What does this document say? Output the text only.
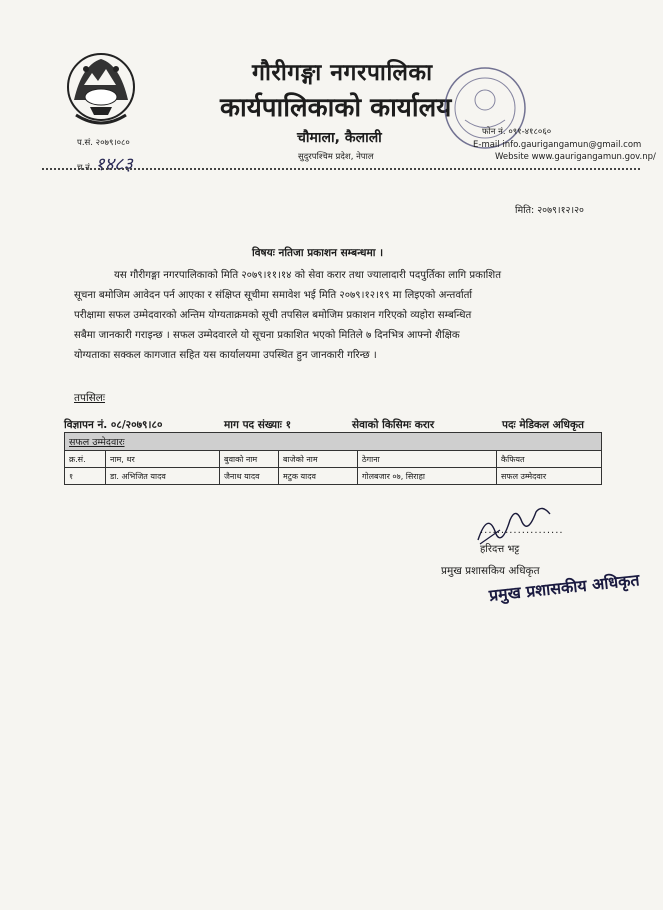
गौरीगङ्गा नगरपालिका
कार्यपालिकाको कार्यालय
चौमाला, कैलाली
सुदुरपश्चिम प्रदेश, नेपाल
प.सं. २०७९।०८०
च.नं. १४८३
फोन नं. ०९१-४१८०६०
E-mail info.gaurigangamun@gmail.com
Website www.gaurigangamun.gov.np/
मिति: २०७९।१२।२०
विषयः नतिजा प्रकाशन सम्बन्धमा ।
यस गौरीगङ्गा नगरपालिकाको मिति २०७९।११।१४ को सेवा करार तथा ज्यालादारी पदपुर्तिका लागि प्रकाशित
सूचना बमोजिम आवेदन पर्न आएका र संक्षिप्त सूचीमा समावेश भई मिति २०७९।१२।१९ मा लिइएको अन्तर्वार्ता
परीक्षामा सफल उम्मेदवारको अन्तिम योग्यताक्रमको सूची तपसिल बमोजिम प्रकाशन गरिएको व्यहोरा सम्बन्धित
सबैमा जानकारी गराइन्छ । सफल उम्मेदवारले यो सूचना प्रकाशित भएको मितिले ७ दिनभित्र आफ्नो शैक्षिक
योग्यताका सक्कल कागजात सहित यस कार्यालयमा उपस्थित हुन जानकारी गरिन्छ ।
तपसिलः
विज्ञापन नं. ०८/२०७९।८०	माग पद संख्याः १	सेवाको किसिमः करार	पदः मेडिकल अधिकृत
सफल उम्मेदवारः					
क्र.सं.	नाम, थर	बुवाको नाम	बाजेको नाम	ठेगाना	कैफियत
१	डा. अभिजित यादव	जैनाथ यादव	मटुक यादव	गोलबजार ०७, सिराहा	सफल उम्मेदवार
....................
हरिदत्त भट्ट
प्रमुख प्रशासकिय अधिकृत
प्रमुख प्रशासकीय अधिकृत
